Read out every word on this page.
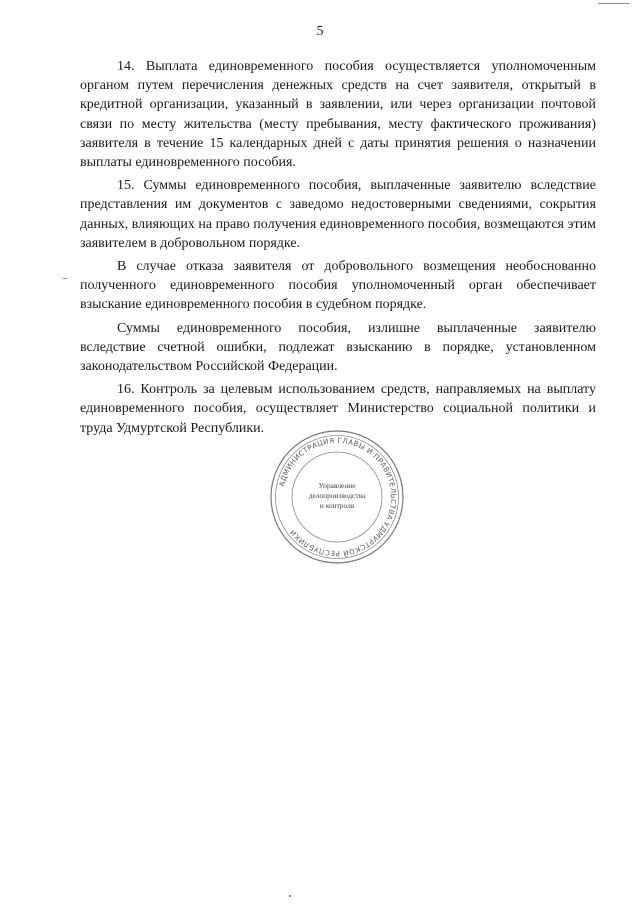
5

14. Выплата единовременного пособия осуществляется уполномоченным органом путем перечисления денежных средств на счет заявителя, открытый в кредитной организации, указанный в заявлении, или через организации почтовой связи по месту жительства (месту пребывания, месту фактического проживания) заявителя в течение 15 календарных дней с даты принятия решения о назначении выплаты единовременного пособия.

15. Суммы единовременного пособия, выплаченные заявителю вследствие представления им документов с заведомо недостоверными сведениями, сокрытия данных, влияющих на право получения единовременного пособия, возмещаются этим заявителем в добровольном порядке.

В случае отказа заявителя от добровольного возмещения необоснованно полученного единовременного пособия уполномоченный орган обеспечивает взыскание единовременного пособия в судебном порядке.

Суммы единовременного пособия, излишне выплаченные заявителю вследствие счетной ошибки, подлежат взысканию в порядке, установленном законодательством Российской Федерации.

16. Контроль за целевым использованием средств, направляемых на выплату единовременного пособия, осуществляет Министерство социальной политики и труда Удмуртской Республики.

АДМИНИСТРАЦИЯ ГЛАВЫ И ПРАВИТЕЛЬСТВА УДМУРТСКОЙ РЕСПУБЛИКИ
Управление
делопроизводства
и контроля
